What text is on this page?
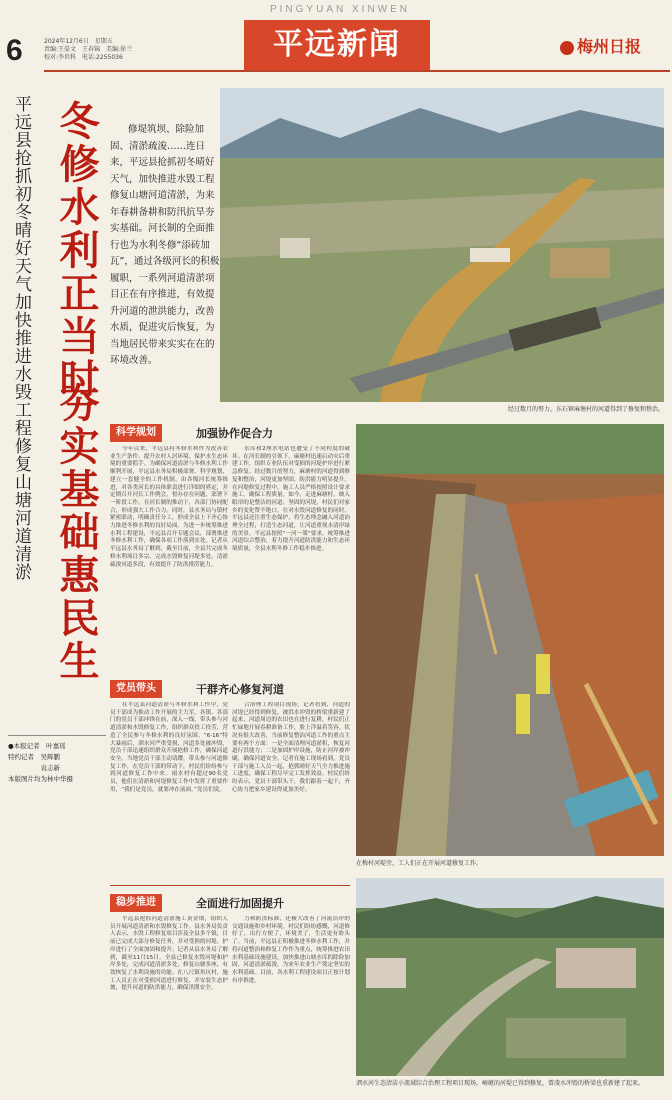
PINGYUAN XINWEN
6	2024年12月6日　星期五
责编:王晏文　王春锦　美编:徐兰
校对:李世科　电话:2255036	平远新闻	梅州日报
平远县抢抓初冬晴好天气加快推进水毁工程修复山塘河道清淤 冬修水利正当时
夯实基础惠民生
●本报记者　叶嘉瑶
特约记者　吴辉鹏
　　　　　袁志新
本版图片均为林中华摄
修堤筑坝、除险加固、清淤疏浚……连日来，平远县抢抓初冬晴好天气，加快推进水毁工程修复山塘河道清淤，为来年春耕备耕和防汛抗旱夯实基础。河长制的全面推行也为水利冬修“添砖加瓦”，通过各级河长的积极履职，一系列河道清淤项目正在有序推进，有效提升河道的泄洪能力，改善水质，促进灾后恢复，为当地居民带来实实在在的环境改善。
经过数月的努力，东石镇麻塘村的河道得到了修复和整治。
科学规划	加强协作促合力
今年以来，平远县将冬修水利作为改善农业生产条件、提升农村人居环境、保护水生态环境的重要抓手。为确保河道清淤与冬修水利工作顺利开展，平远县水务局积极部署，科学规划，建立一套健全的工作机制，由各级河长统筹推进，对各类河长的具体职责进行详细的界定，并定期召开河长工作例会，督办存在问题，部署下一阶段工作。在河长制的推动下，各部门协同配合，形成强大工作合力。同时，县水务局与镇村紧密联动，明确责任分工，形成全县上下齐心协力推进冬修水利的良好局面。为进一步统筹推进水利工程建设，平远县召开专题会议，部署推进冬修水利工作，确保各项工作落到实处。记者从平远县水务局了解到，截至目前，全县共完成冬修水利项目多宗，完成水毁修复河堤多处，清淤疏浚河道多段，有效提升了防洪排涝能力。
水库和2座水电站也遭受了不同程度的破坏。在河长制的引领下，麻塘村迅速启动灾后重建工作，组织专业队伍对受损的河堤护岸进行紧急修复。经过数月的努力，麻塘村的河道得到修复和整治，河堤更加坚固，防洪能力明显提升。在河堤修复过程中，施工人员严格按照设计要求施工，确保工程质量。如今，走进麻塘村，映入眼帘的是整洁的河道、坚固的河堤，村民们对家乡的变化赞不绝口。在对水毁河道修复的同时，平远县还注重生态保护，将生态理念融入河道治理全过程，打造生态河道，让河道重现水清岸绿的美景。平远县按照“一河一策”要求，统筹推进河道综合整治，着力提升河道防洪能力和生态环境质量，全县水利冬修工作稳步推进。
在梅村河堤旁，工人们正在开展河道修复工作。
党员带头	干群齐心修复河道
在平远县河道清淤与冬修水利工作中，党员干部成为推动工作开展的主力军。各镇、各部门的党员干部冲锋在前，深入一线，带头参与河道清淤和水毁修复工作，组织群众投工投劳，营造了全民参与冬修水利的良好氛围。“6·16”特大暴雨后，泗水河严重受损，河道多处被冲毁，党员干部迅速组织群众开展抢修工作，确保河道安全。当地党员干部主动请缨，带头参与河道修复工作，在党员干部的带动下，村民们纷纷参与到河道修复工作中来。雨水村有超过90名党员，他们在清淤和河堤修复工作中发挥了重要作用，“我们是党员，就要冲在前面。”党员们说。
合治理工程项目现场，记者看到，河道的河堤已经得到修复，被洪水冲毁的桥梁重新建了起来，河道周边的农田也在进行复耕，村民们正忙碌地开展春耕准备工作，脸上洋溢着笑容。状况有很大改善，当前修复整治河道工作的重点主要有两个方面：一是全面清理河道淤积，恢复河道行洪能力；二是加固护岸设施，防止河岸被冲刷，确保河道安全。记者在施工现场看到，党员干部与施工人员一起，抢抓晴好天气全力推进施工进度，确保工程尽早完工发挥效益。村民们纷纷表示，党员干部带头干，我们跟着一起干，齐心协力把家乡建设得更加美好。
稳步推进	全面进行加固提升
平远县抢抓河道清淤施工黄金期，组织人员开展河道清淤和水毁修复工作。县水务局负责人表示，水毁工程修复项目涉及全县多个镇，目前已完成大部分修复任务，并对受损的河堤、护岸进行了全面加固和提升。记者从县水务局了解到，截至11月15日，全县已修复水毁河堤和护岸多处，完成河道清淤多处，修复山塘多座，有效恢复了水利设施的功能。在八尺镇角坑村，施工人员正在对受损河道进行修复，并安装生态护坡，提升河道的防洪能力，确保汛期安全。
力和防洪标准，还极大改善了河流沿岸的交通设施和乡村环境。村民们纷纷感慨，河道修好了，出行方便了，环境美了，生活更有盼头了。当前，平远县正积极推进冬修水利工作，并将河道整治和修复工作作为重点，统筹推进农田水利基础设施建设，加快推进山塘水库的除险加固，河道清淤疏浚，为来年农业生产奠定坚实的水利基础。目前，各水利工程建设项目正按计划有序推进。
泗水河生态清洁小流域综合治理工程项目现场，崎岖的河堤已得到修复，曾凌水冲毁的桥梁也重新建了起来。
